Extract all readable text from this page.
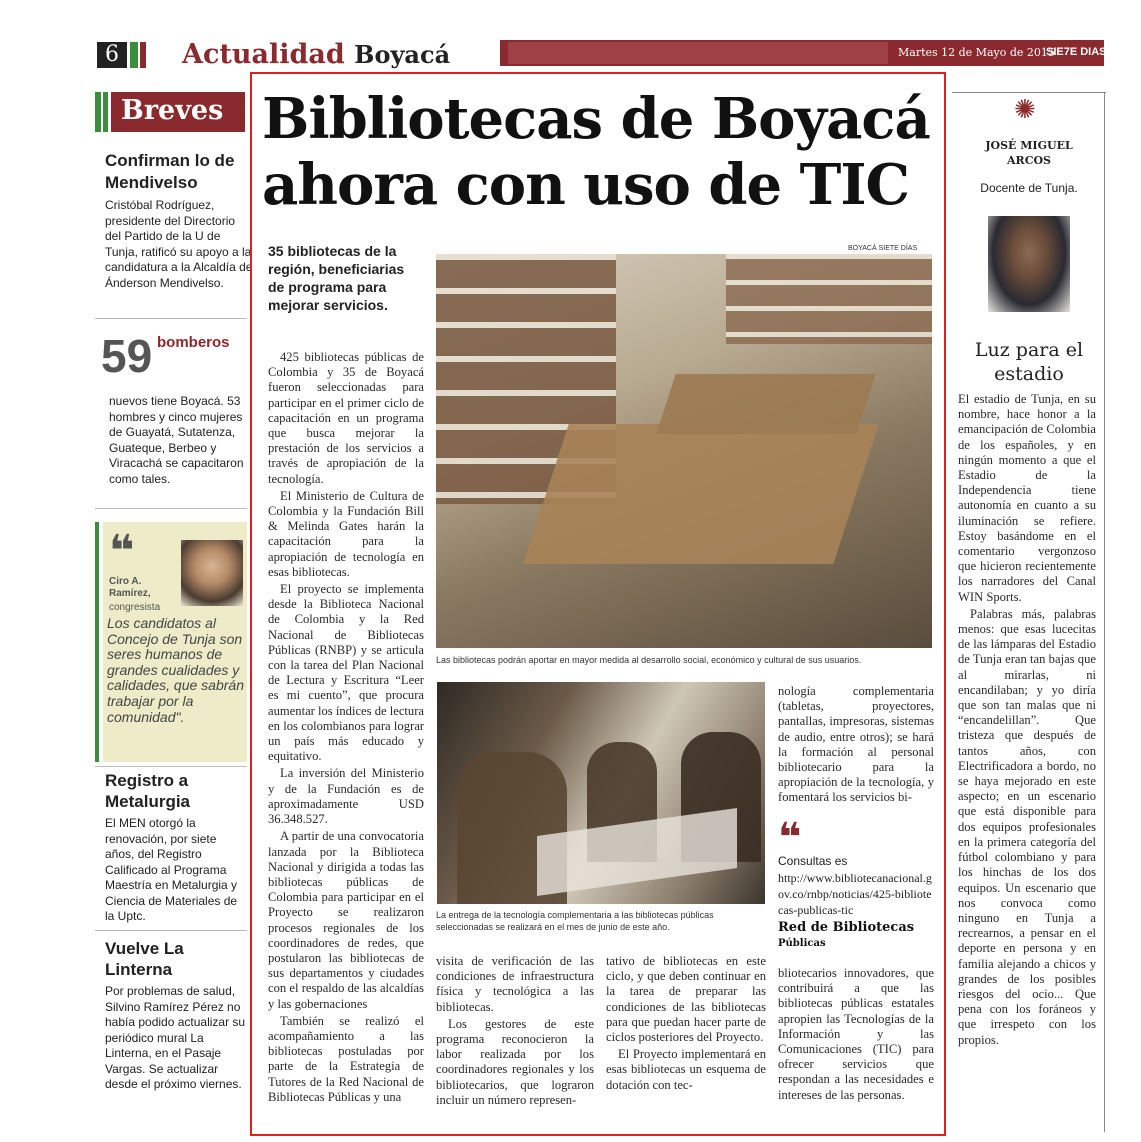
6 Actualidad Boyacá	Martes 12 de Mayo de 2015
SIE7E DIAS
Breves
Confirman lo de Mendivelso
Cristóbal Rodríguez, presidente del Directorio del Partido de la U de Tunja, ratificó su apoyo a la candidatura a la Alcaldía de Ánderson Mendivelso.
59 bomberos
nuevos tiene Boyacá. 53 hombres y cinco mujeres de Guayatá, Sutatenza, Guateque, Berbeo y Viracachá se capacitaron como tales.
❝
Ciro A. Ramírez,
congresista
Los candidatos al Concejo de Tunja son seres humanos de grandes cualidades y calidades, que sabrán trabajar por la comunidad".
Registro a Metalurgia
El MEN otorgó la renovación, por siete años, del Registro Calificado al Programa Maestría en Metalurgia y Ciencia de Materiales de la Uptc.
Vuelve La Linterna
Por problemas de salud, Silvino Ramírez Pérez no había podido actualizar su periódico mural La Linterna, en el Pasaje Vargas. Se actualizar desde el próximo viernes.
Bibliotecas de Boyacá
ahora con uso de TIC
35 bibliotecas de la región, beneficiarias de programa para mejorar servicios.
BOYACÁ SIETE DÍAS
Las bibliotecas podrán aportar en mayor medida al desarrollo social, económico y cultural de sus usuarios.
La entrega de la tecnología complementaria a las bibliotecas públicas seleccionadas se realizará en el mes de junio de este año.

425 bibliotecas públicas de Colombia y 35 de Boyacá fueron seleccionadas para participar en el primer ciclo de capacitación en un programa que busca mejorar la prestación de los servicios a través de apropiación de la tecnología.

El Ministerio de Cultura de Colombia y la Fundación Bill & Melinda Gates harán la capacitación para la apropiación de tecnología en esas bibliotecas.

El proyecto se implementa desde la Biblioteca Nacional de Colombia y la Red Nacional de Bibliotecas Públicas (RNBP) y se articula con la tarea del Plan Nacional de Lectura y Escritura “Leer es mi cuento”, que procura aumentar los índices de lectura en los colombianos para lograr un país más educado y equitativo.

La inversión del Ministerio y de la Fundación es de aproximadamente USD 36.348.527.

A partir de una convocatoria lanzada por la Biblioteca Nacional y dirigida a todas las bibliotecas públicas de Colombia para participar en el Proyecto se realizaron procesos regionales de los coordinadores de redes, que postularon las bibliotecas de sus departamentos y ciudades con el respaldo de las alcaldías y las gobernaciones

También se realizó el acompañamiento a las bibliotecas postuladas por parte de la Estrategia de Tutores de la Red Nacional de Bibliotecas Públicas y una

visita de verificación de las condiciones de infraestructura física y tecnológica a las bibliotecas.

Los gestores de este programa reconocieron la labor realizada por los coordinadores regionales y los bibliotecarios, que lograron incluir un número represen-

tativo de bibliotecas en este ciclo, y que deben continuar en la tarea de preparar las condiciones de las bibliotecas para que puedan hacer parte de ciclos posteriores del Proyecto.

El Proyecto implementará en esas bibliotecas un esquema de dotación con tec-

nología complementaria (tabletas, proyectores, pantallas, impresoras, sistemas de audio, entre otros); se hará la formación al personal bibliotecario para la apropiación de la tecnología, y fomentará los servicios bi-

❝
Consultas es
http://www.bibliotecanacional.gov.co/rnbp/noticias/425-bibliotecas-publicas-tic
Red de Bibliotecas
Públicas

bliotecarios innovadores, que contribuirá a que las bibliotecas públicas estatales apropien las Tecnologías de la Información y las Comunicaciones (TIC) para ofrecer servicios que respondan a las necesidades e intereses de las personas.

✺
JOSÉ MIGUEL ARCOS
Docente de Tunja.
Luz para el estadio

El estadio de Tunja, en su nombre, hace honor a la emancipación de Colombia de los españoles, y en ningún momento a que el Estadio de la Independencia tiene autonomía en cuanto a su iluminación se refiere. Estoy basándome en el comentario vergonzoso que hicieron recientemente los narradores del Canal WIN Sports.

Palabras más, palabras menos: que esas lucecitas de las lámparas del Estadio de Tunja eran tan bajas que al mirarlas, ni encandilaban; y yo diría que son tan malas que ni “encandelillan”. Que tristeza que después de tantos años, con Electrificadora a bordo, no se haya mejorado en este aspecto; en un escenario que está disponible para dos equipos profesionales en la primera categoría del fútbol colombiano y para los hinchas de los dos equipos. Un escenario que nos convoca como ninguno en Tunja a recrearnos, a pensar en el deporte en persona y en familia alejando a chicos y grandes de los posibles riesgos del ocio... Que pena con los foráneos y que irrespeto con los propios.
